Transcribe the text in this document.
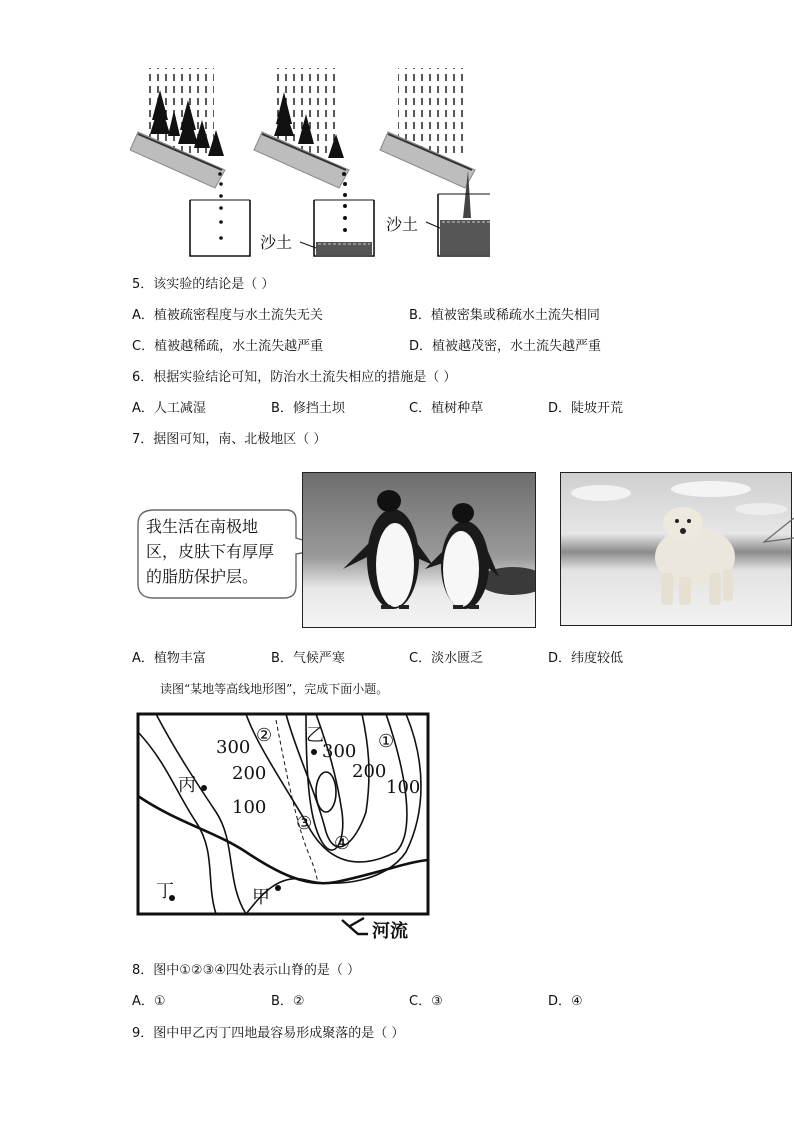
沙土
沙土
5．该实验的结论是（ ）
A．植被疏密程度与水土流失无关	B．植被密集或稀疏水土流失相同
C．植被越稀疏，水土流失越严重	D．植被越茂密，水土流失越严重
6．根据实验结论可知，防治水土流失相应的措施是（ ）
A．人工减湿	B．修挡土坝	C．植树种草	D．陡坡开荒
7．据图可知，南、北极地区（ ）
我生活在南极地
区，皮肤下有厚厚
的脂肪保护层。
A．植物丰富	B．气候严寒	C．淡水匮乏	D．纬度较低
读图“某地等高线地形图”，完成下面小题。
300	300
200	200
100
100
①
②
③
④
乙
丙
丁	甲
河流
8．图中①②③④四处表示山脊的是（ ）
A．①	B．②	C．③	D．④
9．图中甲乙丙丁四地最容易形成聚落的是（ ）
